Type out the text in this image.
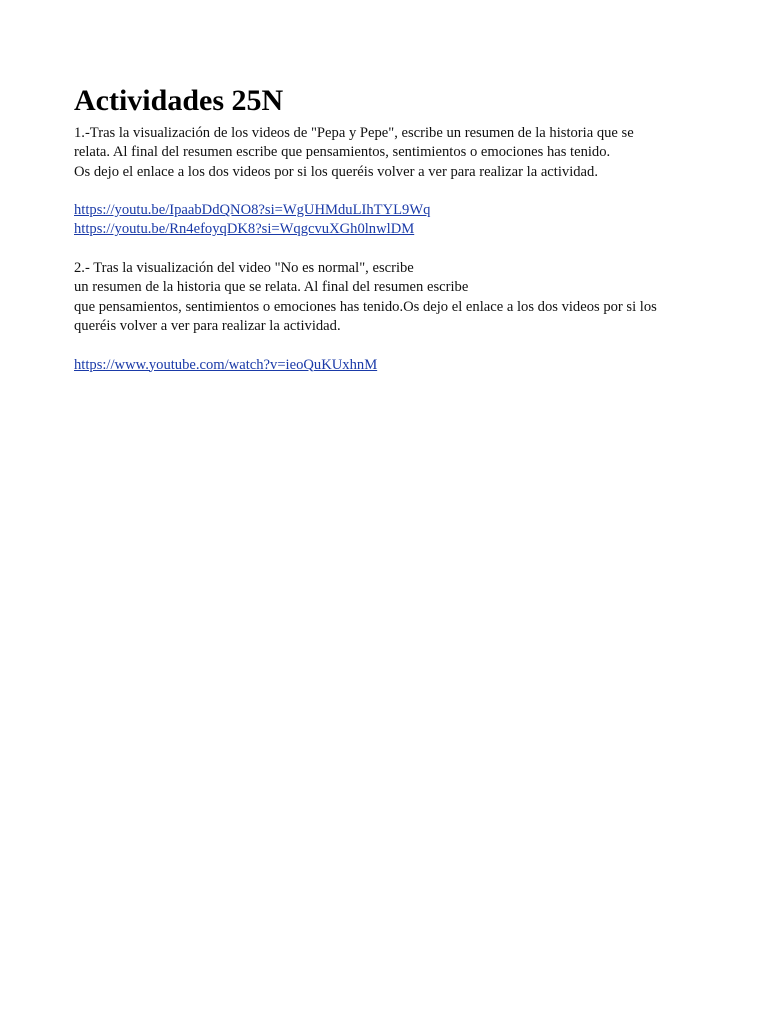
Actividades 25N

1.-Tras la visualización de los videos de "Pepa y Pepe", escribe un resumen de la historia que se
relata. Al final del resumen escribe que pensamientos, sentimientos o emociones has tenido.
Os dejo el enlace a los dos videos por si los queréis volver a ver para realizar la actividad.

https://youtu.be/IpaabDdQNO8?si=WgUHMduLIhTYL9Wq
https://youtu.be/Rn4efoyqDK8?si=WqgcvuXGh0lnwlDM

2.- Tras la visualización del video "No es normal", escribe
un resumen de la historia que se relata. Al final del resumen escribe
que pensamientos, sentimientos o emociones has tenido.Os dejo el enlace a los dos videos por si los
queréis volver a ver para realizar la actividad.

https://www.youtube.com/watch?v=ieoQuKUxhnM
